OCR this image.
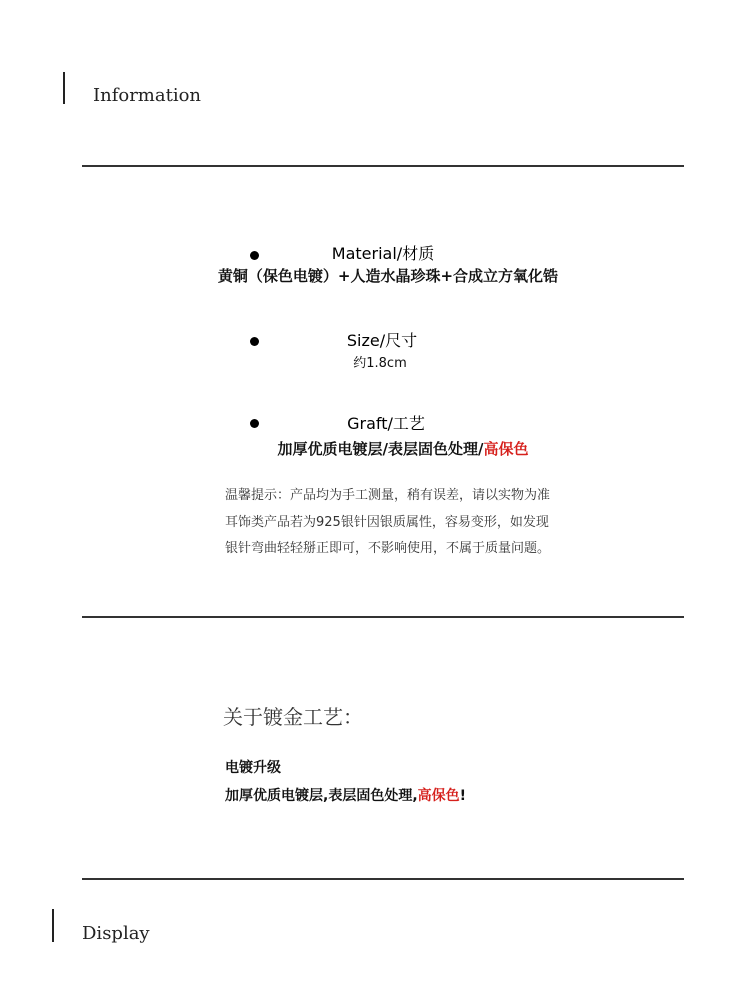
Information
Material/材质
黄铜（保色电镀）+人造水晶珍珠+合成立方氧化锆
Size/尺寸
约1.8cm
Graft/工艺
加厚优质电镀层/表层固色处理/高保色
温馨提示：产品均为手工测量，稍有误差，请以实物为准
耳饰类产品若为925银针因银质属性，容易变形，如发现
银针弯曲轻轻掰正即可，不影响使用，不属于质量问题。
关于镀金工艺：
电镀升级
加厚优质电镀层,表层固色处理,高保色!
Display
